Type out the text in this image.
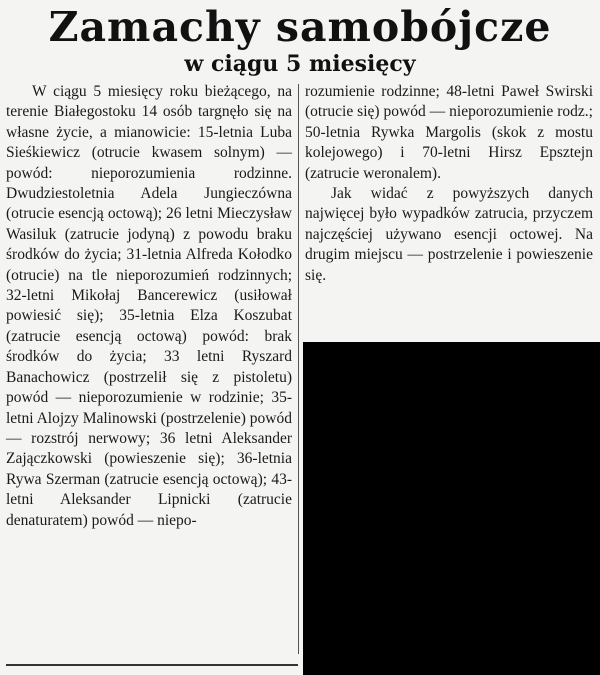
Zamachy samobójcze
w ciągu 5 miesięcy

W ciągu 5 miesięcy roku bieżącego, na terenie Białegostoku 14 osób targnęło się na własne życie, a mianowicie: 15-letnia Luba Sieśkiewicz (otrucie kwasem solnym) — powód: nieporozumienia rodzinne. Dwudziestoletnia Adela Jungieczówna (otrucie esencją octową); 26 letni Mieczysław Wasiluk (zatrucie jodyną) z powodu braku środków do życia; 31-letnia Alfreda Kołodko (otrucie) na tle nieporozumień rodzinnych; 32-letni Mikołaj Bancerewicz (usiłował powiesić się); 35-letnia Elza Koszubat (zatrucie esencją octową) powód: brak środków do życia; 33 letni Ryszard Banachowicz (postrzelił się z pistoletu) powód — nieporozumienie w rodzinie; 35-letni Alojzy Malinowski (postrzelenie) powód — rozstrój nerwowy; 36 letni Aleksander Zajączkowski (powieszenie się); 36-letnia Rywa Szerman (zatrucie esencją octową); 43-letni Aleksander Lipnicki (zatrucie denaturatem) powód — niepo-

rozumienie rodzinne; 48-letni Paweł Swirski (otrucie się) powód — nieporozumienie rodz.; 50-letnia Rywka Margolis (skok z mostu kolejowego) i 70-letni Hirsz Epsztejn (zatrucie weronalem).

Jak widać z powyższych danych najwięcej było wypadków zatrucia, przyczem najczęściej używano esencji octowej. Na drugim miejscu — postrzelenie i powieszenie się.
